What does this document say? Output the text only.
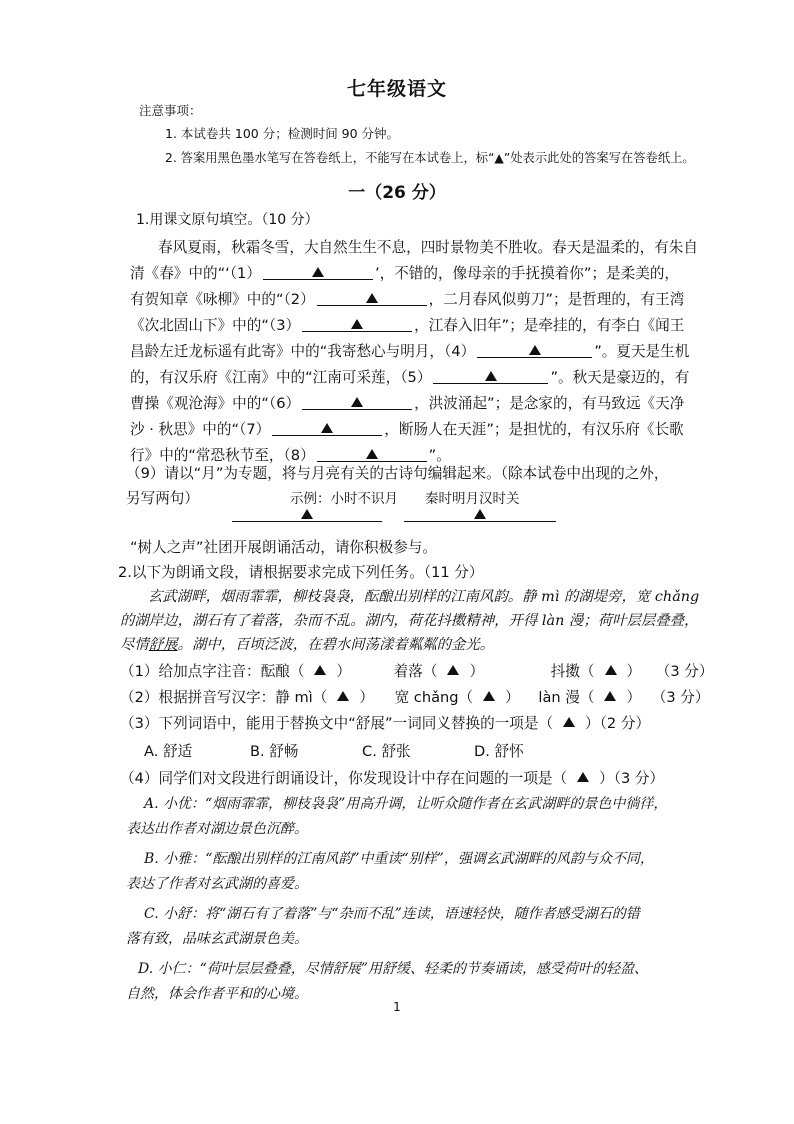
七年级语文
注意事项：
1. 本试卷共 100 分；检测时间 90 分钟。
2. 答案用黑色墨水笔写在答卷纸上，不能写在本试卷上，标“▲”处表示此处的答案写在答卷纸上。
一（26 分）
1.用课文原句填空。（10 分）
春风夏雨，秋霜冬雪，大自然生生不息，四时景物美不胜收。春天是温柔的，有朱自
清《春》中的“‘（1）	’，不错的，像母亲的手抚摸着你”；是柔美的，
有贺知章《咏柳》中的“（2）	，二月春风似剪刀”；是哲理的，有王湾
《次北固山下》中的“（3）	，江春入旧年”；是牵挂的，有李白《闻王
昌龄左迁龙标遥有此寄》中的“我寄愁心与明月，（4）	”。夏天是生机
的，有汉乐府《江南》中的“江南可采莲，（5）	”。秋天是豪迈的，有
曹操《观沧海》中的“（6）	，洪波涌起”；是念家的，有马致远《天净
沙 · 秋思》中的“（7）	，断肠人在天涯”；是担忧的，有汉乐府《长歌
行》中的“常恐秋节至，（8）	”。
（9）请以“月”为专题，将与月亮有关的古诗句编辑起来。（除本试卷中出现的之外，
另写两句）	示例：小时不识月　　秦时明月汉时关
“树人之声”社团开展朗诵活动，请你积极参与。
2.以下为朗诵文段，请根据要求完成下列任务。（11 分）
玄武湖畔，烟雨霏霏，柳枝袅袅，酝酿出别样的江南风韵。静 mì 的湖堤旁，宽 chǎng
的湖岸边，湖石有了着落，杂而不乱。湖内，荷花抖擞精神，开得 làn 漫；荷叶层层叠叠，
尽情舒展。湖中，百顷泛波，在碧水间荡漾着粼粼的金光。
（1）给加点字注音：酝酿（ ）	着落（ ）	抖擞（ ） （3 分）
（2）根据拼音写汉字：静 mì（ ） 宽 chǎng（ ） làn 漫（ ） （3 分）
（3）下列词语中，能用于替换文中“舒展”一词同义替换的一项是（ ）（2 分）
A. 舒适	B. 舒畅	C. 舒张	D. 舒怀
（4）同学们对文段进行朗诵设计，你发现设计中存在问题的一项是（ ）（3 分）
A. 小优：“烟雨霏霏，柳枝袅袅”用高升调，让听众随作者在玄武湖畔的景色中徜徉，
表达出作者对湖边景色沉醉。
B. 小雅：“酝酿出别样的江南风韵”中重读“别样”，强调玄武湖畔的风韵与众不同，
表达了作者对玄武湖的喜爱。
C. 小舒：将“湖石有了着落”与“杂而不乱”连读，语速轻快，随作者感受湖石的错
落有致，品味玄武湖景色美。
D. 小仁：“荷叶层层叠叠，尽情舒展”用舒缓、轻柔的节奏诵读，感受荷叶的轻盈、
自然，体会作者平和的心境。
1
